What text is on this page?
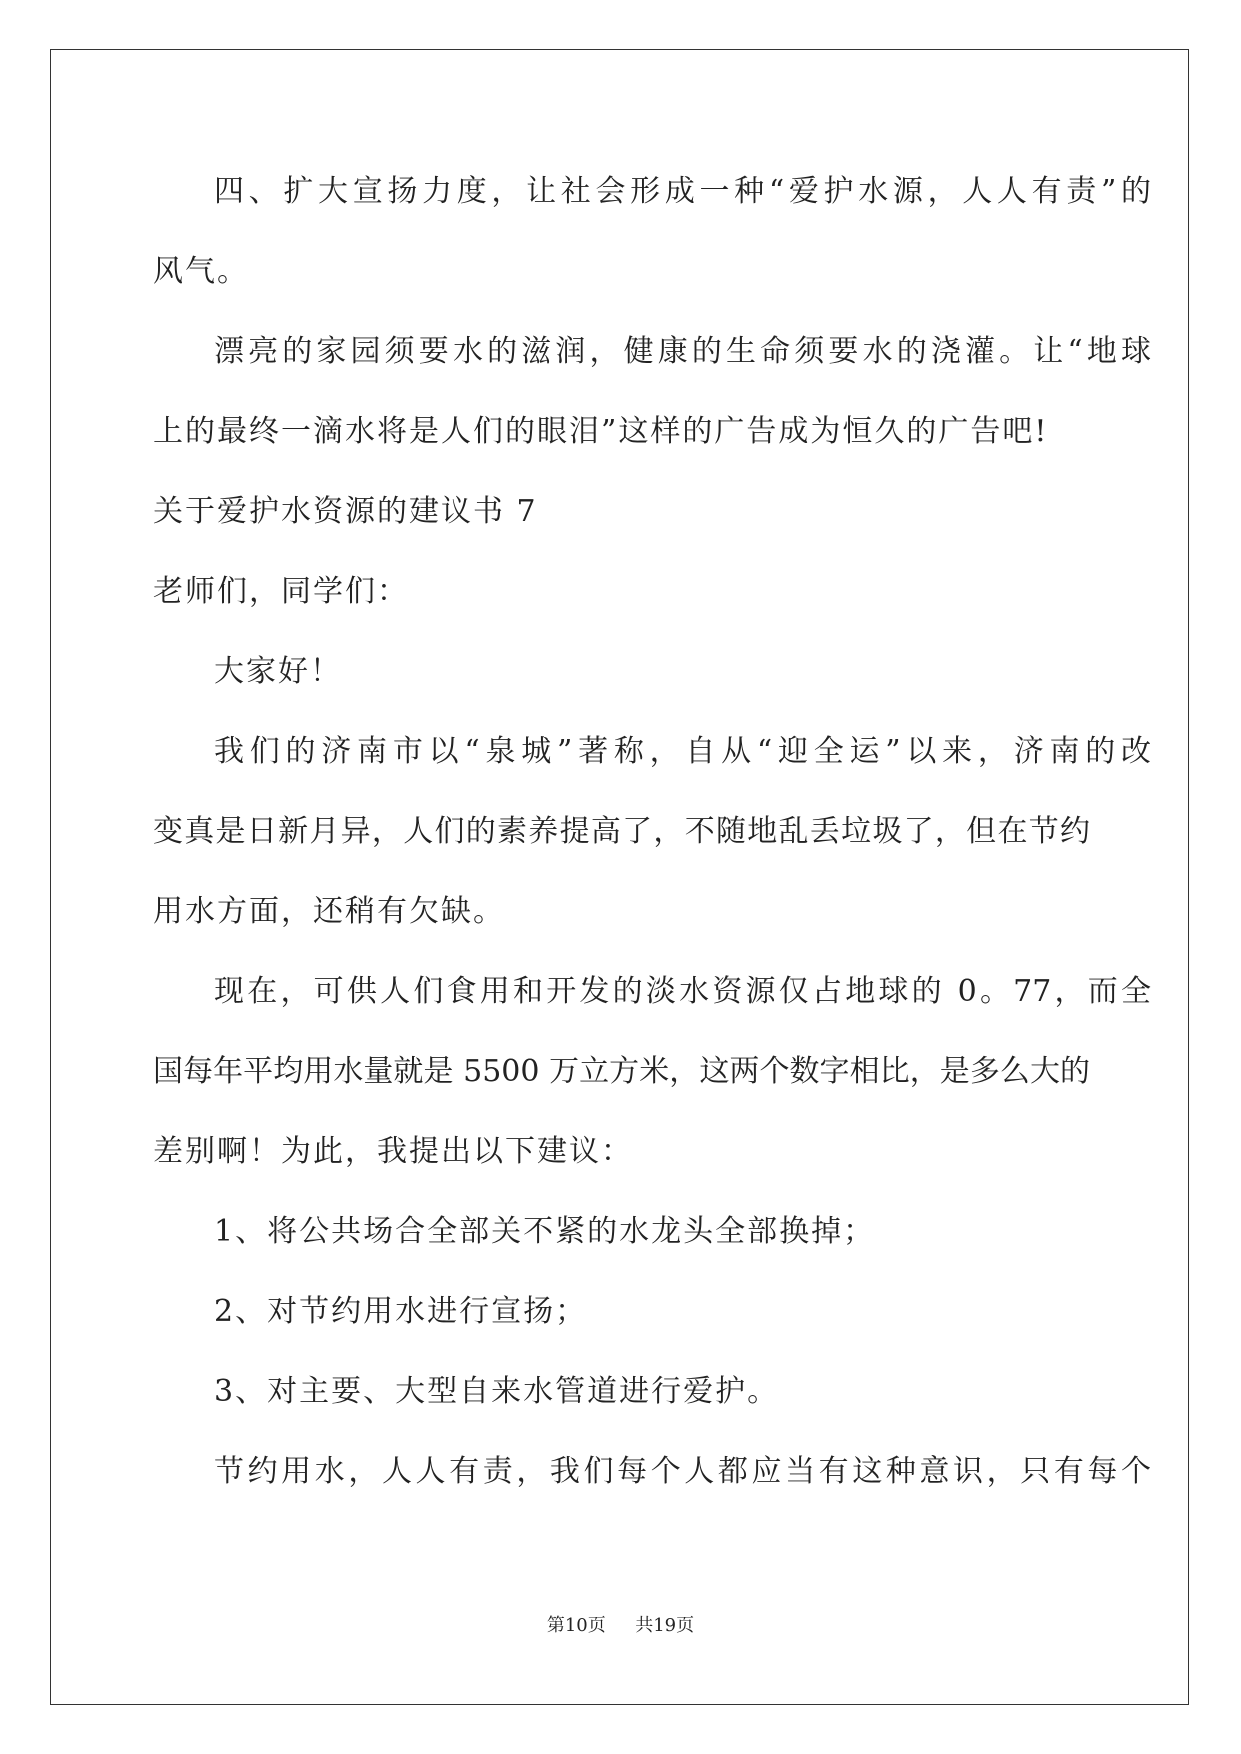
四、扩大宣扬力度，让社会形成一种“爱护水源，人人有责”的
风气。
漂亮的家园须要水的滋润，健康的生命须要水的浇灌。让“地球
上的最终一滴水将是人们的眼泪”这样的广告成为恒久的广告吧!
关于爱护水资源的建议书 7
老师们，同学们：
大家好！
我们的济南市以“泉城”著称，自从“迎全运”以来，济南的改
变真是日新月异，人们的素养提高了，不随地乱丢垃圾了，但在节约
用水方面，还稍有欠缺。
现在，可供人们食用和开发的淡水资源仅占地球的 0。77，而全
国每年平均用水量就是 5500 万立方米，这两个数字相比，是多么大的
差别啊！为此，我提出以下建议：
1、将公共场合全部关不紧的水龙头全部换掉；
2、对节约用水进行宣扬；
3、对主要、大型自来水管道进行爱护。
节约用水，人人有责，我们每个人都应当有这种意识，只有每个
第10页 共19页
